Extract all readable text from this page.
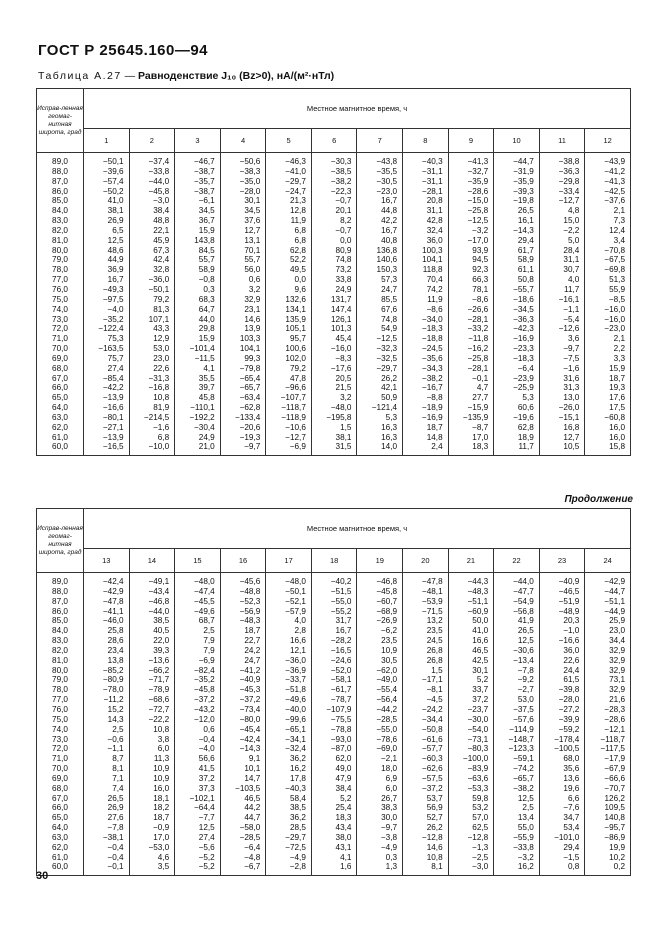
ГОСТ Р 25645.160—94
Таблица А.27 — Равноденствие J₁₀ (Bz>0), нА/(м²·нТл)
Исправ-ленная геомаг-нитная широта, град	Местное магнитное время, ч											
	1	2	3	4	5	6	7	8	9	10	11	12
89,0	−50,1	−37,4	−46,7	−50,6	−46,3	−30,3	−43,8	−40,3	−41,3	−44,7	−38,8	−43,9
88,0	−39,6	−33,8	−38,7	−38,3	−41,0	−38,5	−35,5	−31,1	−32,7	−31,9	−36,3	−41,2
87,0	−57,4	−44,0	−35,7	−35,0	−29,7	−38,2	−30,5	−31,1	−35,9	−35,9	−29,8	−41,3
86,0	−50,2	−45,8	−38,7	−28,0	−24,7	−22,3	−23,0	−28,1	−28,6	−39,3	−33,4	−42,5
85,0	41,0	−3,0	−6,1	30,1	21,3	−0,7	16,7	20,8	−15,0	−19,8	−12,7	−37,6
84,0	38,1	38,4	34,5	34,5	12,8	20,1	44,8	31,1	−25,8	26,5	4,8	2,1
83,0	26,9	48,8	36,7	37,6	11,9	8,2	42,2	42,8	−12,5	16,1	15,0	7,3
82,0	6,5	22,1	15,9	12,7	6,8	−0,7	16,7	32,4	−3,2	−14,3	−2,2	12,4
81,0	12,5	45,9	143,8	13,1	6,8	0,0	40,8	36,0	−17,0	29,4	5,0	3,4
80,0	48,6	67,3	84,5	70,1	62,8	80,9	136,8	100,3	93,9	61,7	28,4	−70,8
79,0	44,9	42,4	55,7	55,7	52,2	74,8	140,6	104,1	94,5	58,9	31,1	−67,5
78,0	36,9	32,8	58,9	56,0	49,5	73,2	150,3	118,8	92,3	61,1	30,7	−69,8
77,0	16,7	−36,0	−0,8	0,6	0,0	33,8	57,3	70,4	66,3	50,8	4,0	51,3
76,0	−49,3	−50,1	0,3	3,2	9,6	24,9	24,7	74,2	78,1	−55,7	11,7	55,9
75,0	−97,5	79,2	68,3	32,9	132,6	131,7	85,5	11,9	−8,6	−18,6	−16,1	−8,5
74,0	−4,0	81,3	64,7	23,1	134,1	147,4	67,6	−8,6	−26,6	−34,5	−1,1	−16,0
73,0	−35,2	107,1	44,0	14,6	135,9	126,1	74,8	−34,0	−28,1	−36,3	−5,4	−16,0
72,0	−122,4	43,3	29,8	13,9	105,1	101,3	54,9	−18,3	−33,2	−42,3	−12,6	−23,0
71,0	75,3	12,9	15,9	103,3	95,7	45,4	−12,5	−18,8	−11,8	−16,9	3,6	2,1
70,0	−163,5	53,0	−101,4	104,1	100,6	−16,0	−32,3	−24,5	−16,2	−23,3	−9,7	2,2
69,0	75,7	23,0	−11,5	99,3	102,0	−8,3	−32,5	−35,6	−25,8	−18,3	−7,5	3,3
68,0	27,4	22,6	4,1	−79,8	79,2	−17,6	−29,7	−34,3	−28,1	−6,4	−1,6	15,9
67,0	−85,4	−31,3	35,5	−65,4	47,8	20,5	26,2	−38,2	−0,1	−23,9	31,6	18,7
66,0	−42,2	−16,8	39,7	−65,7	−96,6	21,5	42,1	−16,7	4,7	−25,9	31,3	19,3
65,0	−13,9	10,8	45,8	−63,4	−107,7	3,2	50,9	−8,8	27,7	5,3	13,0	17,6
64,0	−16,6	81,9	−110,1	−62,8	−118,7	−48,0	−121,4	−18,9	−15,9	60,6	−26,0	17,5
63,0	−80,1	−214,5	−192,2	−133,4	−118,9	−195,8	5,3	−16,9	−135,9	−19,6	−15,1	−60,8
62,0	−27,1	−1,6	−30,4	−20,6	−10,6	1,5	16,3	18,7	−8,7	62,8	16,8	16,0
61,0	−13,9	6,8	24,9	−19,3	−12,7	38,1	16,3	14,8	17,0	18,9	12,7	16,0
60,0	−16,5	−10,0	21,0	−9,7	−6,9	31,5	14,0	2,4	18,3	11,7	10,5	15,8
Продолжение
Исправ-ленная геомаг-нитная широта, град	Местное магнитное время, ч											
	13	14	15	16	17	18	19	20	21	22	23	24
89,0	−42,4	−49,1	−48,0	−45,6	−48,0	−40,2	−46,8	−47,8	−44,3	−44,0	−40,9	−42,9
88,0	−42,9	−43,4	−47,4	−48,8	−50,1	−51,5	−45,8	−48,1	−48,3	−47,7	−46,5	−44,7
87,0	−47,8	−46,8	−45,5	−52,3	−52,1	−55,0	−60,7	−53,9	−51,1	−54,9	−51,9	−51,1
86,0	−41,1	−44,0	−49,6	−56,9	−57,9	−55,2	−68,9	−71,5	−60,9	−56,8	−48,9	−44,9
85,0	−46,0	38,5	68,7	−48,3	4,0	31,7	−26,9	13,2	50,0	41,9	20,3	25,9
84,0	25,8	40,5	2,5	18,7	2,8	16,7	−6,2	23,5	41,0	26,5	−1,0	23,0
83,0	28,6	22,0	7,9	22,7	16,6	−28,2	23,5	24,5	16,6	12,5	−16,6	34,4
82,0	23,4	39,3	7,9	24,2	12,1	−16,5	10,9	26,8	46,5	−30,6	36,0	32,9
81,0	13,8	−13,6	−6,9	24,7	−36,0	−24,6	30,5	26,8	42,5	−13,4	22,6	32,9
80,0	−85,2	−66,2	−82,4	−41,2	−36,9	−52,0	−62,0	1,5	30,1	−7,8	24,4	32,9
79,0	−80,9	−71,7	−35,2	−40,9	−33,7	−58,1	−49,0	−17,1	5,2	−9,2	61,5	73,1
78,0	−78,0	−78,9	−45,8	−45,3	−51,8	−61,7	−55,4	−8,1	33,7	−2,7	−39,8	32,9
77,0	−11,2	−68,6	−37,2	−37,2	−49,6	−78,7	−56,4	−4,5	37,2	53,0	−28,0	21,6
76,0	15,2	−72,7	−43,2	−73,4	−40,0	−107,9	−44,2	−24,2	−23,7	−37,5	−27,2	−28,3
75,0	14,3	−22,2	−12,0	−80,0	−99,6	−75,5	−28,5	−34,4	−30,0	−57,6	−39,9	−28,6
74,0	2,5	10,8	0,6	−45,4	−65,1	−78,8	−55,0	−50,8	−54,0	−114,9	−59,2	−12,1
73,0	−0,6	3,8	−0,4	−42,4	−34,1	−93,0	−78,6	−61,6	−73,1	−148,7	−178,4	−118,7
72,0	−1,1	6,0	−4,0	−14,3	−32,4	−87,0	−69,0	−57,7	−80,3	−123,3	−100,5	−117,5
71,0	8,7	11,3	56,6	9,1	36,2	62,0	−2,1	−60,3	−100,0	−59,1	68,0	−17,9
70,0	8,1	10,9	41,5	10,1	16,2	49,0	18,0	−62,6	−83,9	−74,2	35,6	−67,9
69,0	7,1	10,9	37,2	14,7	17,8	47,9	6,9	−57,5	−63,6	−65,7	13,6	−66,6
68,0	7,4	16,0	37,3	−103,5	−40,3	38,4	6,0	−37,2	−53,3	−38,2	19,6	−70,7
67,0	26,5	18,1	−102,1	46,5	58,4	5,2	26,7	53,7	59,8	12,5	6,6	126,2
66,0	26,9	18,2	−64,4	44,2	38,5	25,4	38,3	56,9	53,2	2,5	−7,6	109,5
65,0	27,6	18,7	−7,7	44,7	36,2	18,3	30,0	52,7	57,0	13,4	34,7	140,8
64,0	−7,8	−0,9	12,5	−58,0	28,5	43,4	−9,7	26,2	62,5	55,0	53,4	−95,7
63,0	−38,1	17,0	27,4	−28,5	−29,7	38,0	−3,8	−12,8	−12,8	−55,9	−101,0	−86,9
62,0	−0,4	−53,0	−5,6	−6,4	−72,5	43,1	−4,9	14,6	−1,3	−33,8	29,4	19,9
61,0	−0,4	4,6	−5,2	−4,8	−4,9	4,1	0,3	10,8	−2,5	−3,2	−1,5	10,2
60,0	−0,1	3,5	−5,2	−6,7	−2,8	1,6	1,3	8,1	−3,0	16,2	0,8	0,2
30
